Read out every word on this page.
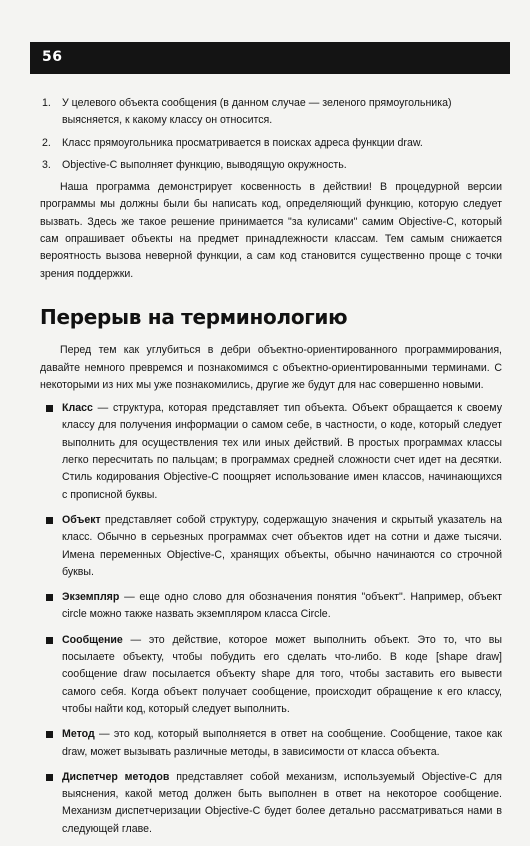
56
1. У целевого объекта сообщения (в данном случае — зеленого прямоугольника) выясняется, к какому классу он относится.
2. Класс прямоугольника просматривается в поисках адреса функции draw.
3. Objective-C выполняет функцию, выводящую окружность.

Наша программа демонстрирует косвенность в действии! В процедурной версии программы мы должны были бы написать код, определяющий функцию, которую следует вызвать. Здесь же такое решение принимается "за кулисами" самим Objective-C, который сам опрашивает объекты на предмет принадлежности классам. Тем самым снижается вероятность вызова неверной функции, а сам код становится существенно проще с точки зрения поддержки.

Перерыв на терминологию

Перед тем как углубиться в дебри объектно-ориентированного программирования, давайте немного превремся и познакомимся с объектно-ориентированными терминами. С некоторыми из них мы уже познакомились, другие же будут для нас совершенно новыми.

Класс — структура, которая представляет тип объекта. Объект обращается к своему классу для получения информации о самом себе, в частности, о коде, который следует выполнить для осуществления тех или иных действий. В простых программах классы легко пересчитать по пальцам; в программах средней сложности счет идет на десятки. Стиль кодирования Objective-C поощряет использование имен классов, начинающихся с прописной буквы.
Объект представляет собой структуру, содержащую значения и скрытый указатель на класс. Обычно в серьезных программах счет объектов идет на сотни и даже тысячи. Имена переменных Objective-C, хранящих объекты, обычно начинаются со строчной буквы.
Экземпляр — еще одно слово для обозначения понятия "объект". Например, объект circle можно также назвать экземпляром класса Circle.
Сообщение — это действие, которое может выполнить объект. Это то, что вы посылаете объекту, чтобы побудить его сделать что-либо. В коде [shape draw] сообщение draw посылается объекту shape для того, чтобы заставить его вывести самого себя. Когда объект получает сообщение, происходит обращение к его классу, чтобы найти код, который следует выполнить.
Метод — это код, который выполняется в ответ на сообщение. Сообщение, такое как draw, может вызывать различные методы, в зависимости от класса объекта.
Диспетчер методов представляет собой механизм, используемый Objective-C для выяснения, какой метод должен быть выполнен в ответ на некоторое сообщение. Механизм диспетчеризации Objective-C будет более детально рассматриваться нами в следующей главе.
